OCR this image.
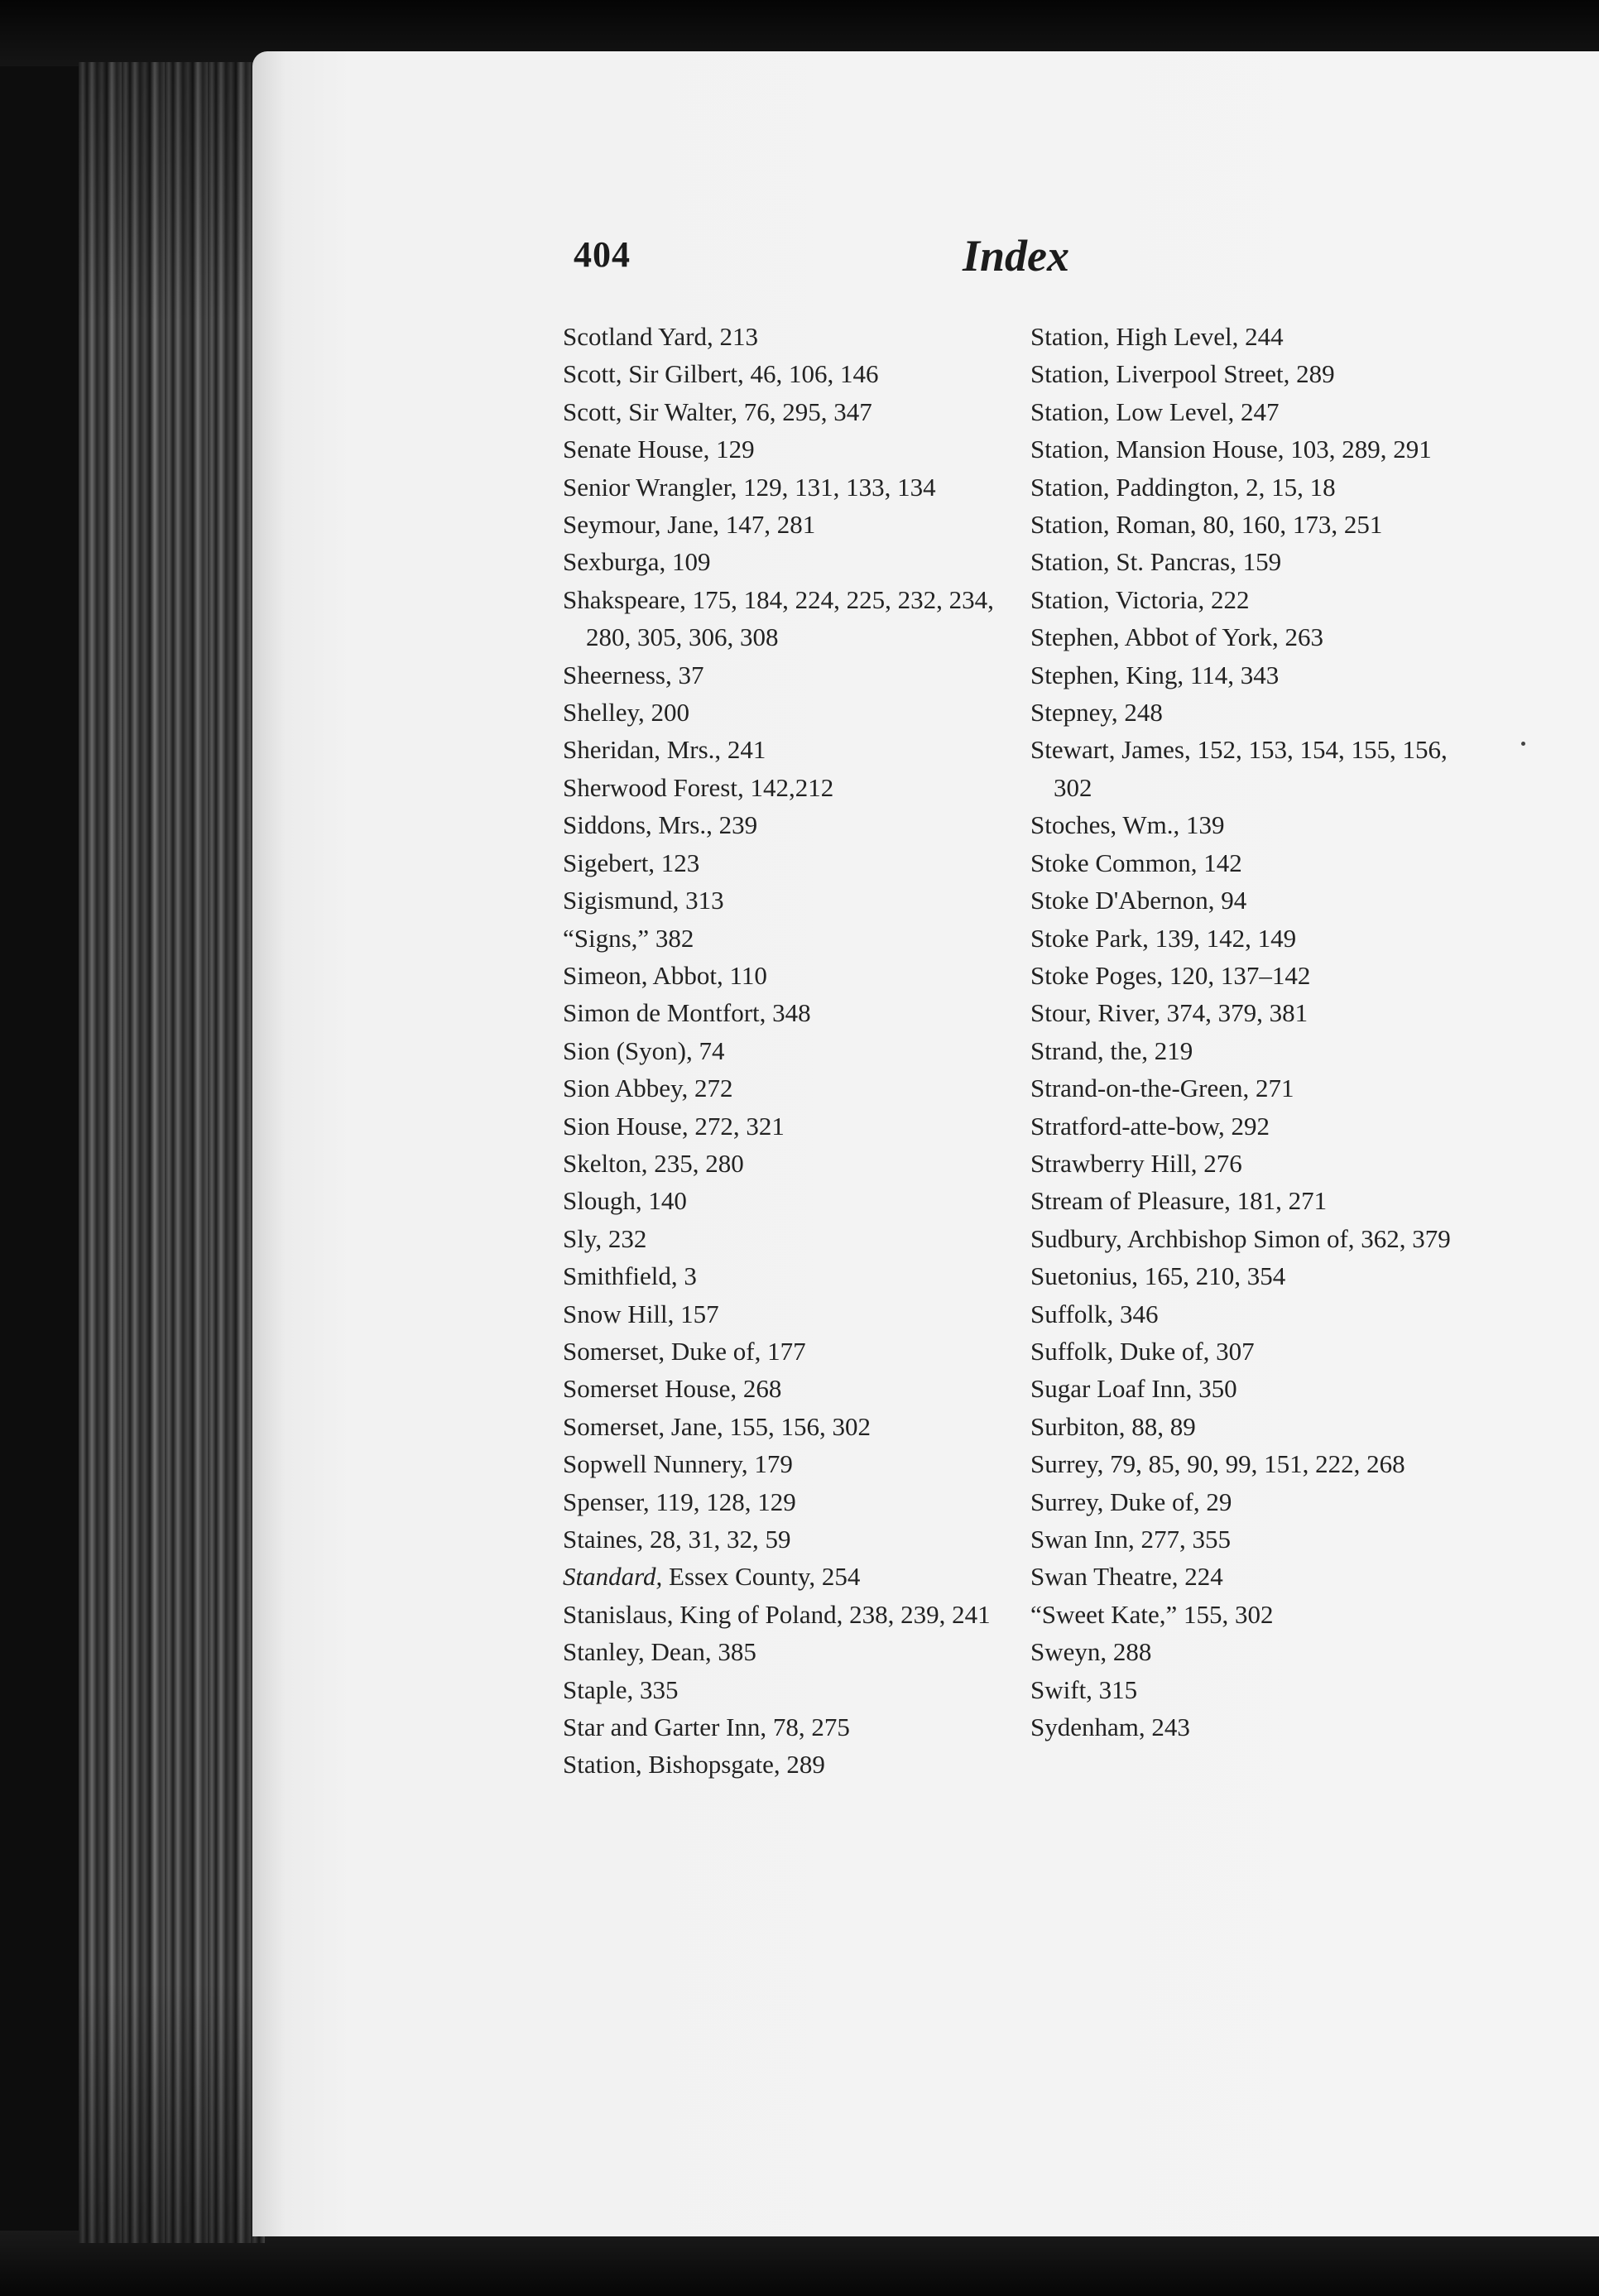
404	Index
Scotland Yard, 213
Scott, Sir Gilbert, 46, 106, 146
Scott, Sir Walter, 76, 295, 347
Senate House, 129
Senior Wrangler, 129, 131, 133, 134
Seymour, Jane, 147, 281
Sexburga, 109
Shakspeare, 175, 184, 224, 225, 232, 234, 280, 305, 306, 308
Sheerness, 37
Shelley, 200
Sheridan, Mrs., 241
Sherwood Forest, 142,212
Siddons, Mrs., 239
Sigebert, 123
Sigismund, 313
“Signs,” 382
Simeon, Abbot, 110
Simon de Montfort, 348
Sion (Syon), 74
Sion Abbey, 272
Sion House, 272, 321
Skelton, 235, 280
Slough, 140
Sly, 232
Smithfield, 3
Snow Hill, 157
Somerset, Duke of, 177
Somerset House, 268
Somerset, Jane, 155, 156, 302
Sopwell Nunnery, 179
Spenser, 119, 128, 129
Staines, 28, 31, 32, 59
Standard, Essex County, 254
Stanislaus, King of Poland, 238, 239, 241
Stanley, Dean, 385
Staple, 335
Star and Garter Inn, 78, 275
Station, Bishopsgate, 289
Station, High Level, 244
Station, Liverpool Street, 289
Station, Low Level, 247
Station, Mansion House, 103, 289, 291
Station, Paddington, 2, 15, 18
Station, Roman, 80, 160, 173, 251
Station, St. Pancras, 159
Station, Victoria, 222
Stephen, Abbot of York, 263
Stephen, King, 114, 343
Stepney, 248
Stewart, James, 152, 153, 154, 155, 156, 302
Stoches, Wm., 139
Stoke Common, 142
Stoke D'Abernon, 94
Stoke Park, 139, 142, 149
Stoke Poges, 120, 137–142
Stour, River, 374, 379, 381
Strand, the, 219
Strand-on-the-Green, 271
Stratford-atte-bow, 292
Strawberry Hill, 276
Stream of Pleasure, 181, 271
Sudbury, Archbishop Simon of, 362, 379
Suetonius, 165, 210, 354
Suffolk, 346
Suffolk, Duke of, 307
Sugar Loaf Inn, 350
Surbiton, 88, 89
Surrey, 79, 85, 90, 99, 151, 222, 268
Surrey, Duke of, 29
Swan Inn, 277, 355
Swan Theatre, 224
“Sweet Kate,” 155, 302
Sweyn, 288
Swift, 315
Sydenham, 243
